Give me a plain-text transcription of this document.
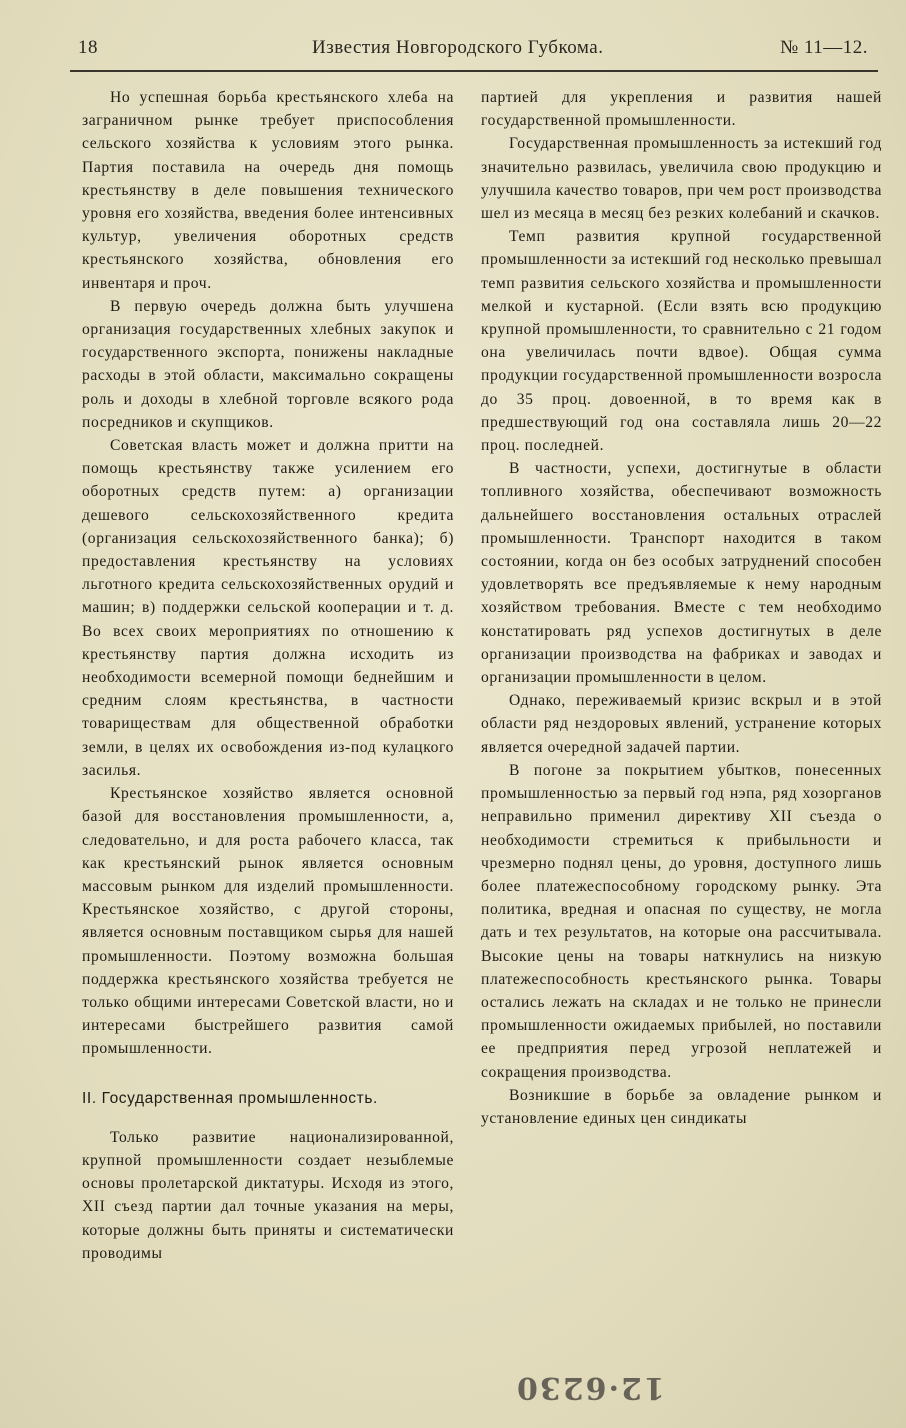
18	Известия Новгородского Губкома.	№ 11—12.

Но успешная борьба крестьянского хлеба на заграничном рынке требует приспособления сельского хозяйства к условиям этого рынка. Партия поставила на очередь дня помощь крестьянству в деле повышения технического уровня его хозяйства, введения более интенсивных культур, увеличения оборотных средств крестьянского хозяйства, обновления его инвентаря и проч.

В первую очередь должна быть улучшена организация государственных хлебных закупок и государственного экспорта, понижены накладные расходы в этой области, максимально сокращены роль и доходы в хлебной торговле всякого рода посредников и скупщиков.

Советская власть может и должна притти на помощь крестьянству также усилением его оборотных средств путем: а) организации дешевого сельскохозяйственного кредита (организация сельскохозяйственного банка); б) предоставления крестьянству на условиях льготного кредита сельскохозяйственных орудий и машин; в) поддержки сельской кооперации и т. д. Во всех своих мероприятиях по отношению к крестьянству партия должна исходить из необходимости всемерной помощи беднейшим и средним слоям крестьянства, в частности товариществам для общественной обработки земли, в целях их освобождения из-под кулацкого засилья.

Крестьянское хозяйство является основной базой для восстановления промышленности, а, следовательно, и для роста рабочего класса, так как крестьянский рынок является основным массовым рынком для изделий промышленности. Крестьянское хозяйство, с другой стороны, является основным поставщиком сырья для нашей промышленности. Поэтому возможна большая поддержка крестьянского хозяйства требуется не только общими интересами Советской власти, но и интересами быстрейшего развития самой промышленности.

II. Государственная промышленность.

Только развитие национализированной, крупной промышленности создает незыблемые основы пролетарской диктатуры. Исходя из этого, XII съезд партии дал точные указания на меры, которые должны быть приняты и систематически проводимы

партией для укрепления и развития нашей государственной промышленности.

Государственная промышленность за истекший год значительно развилась, увеличила свою продукцию и улучшила качество товаров, при чем рост производства шел из месяца в месяц без резких колебаний и скачков.

Темп развития крупной государственной промышленности за истекший год несколько превышал темп развития сельского хозяйства и промышленности мелкой и кустарной. (Если взять всю продукцию крупной промышленности, то сравнительно с 21 годом она увеличилась почти вдвое). Общая сумма продукции государственной промышленности возросла до 35 проц. довоенной, в то время как в предшествующий год она составляла лишь 20—22 проц. последней.

В частности, успехи, достигнутые в области топливного хозяйства, обеспечивают возможность дальнейшего восстановления остальных отраслей промышленности. Транспорт находится в таком состоянии, когда он без особых затруднений способен удовлетворять все предъявляемые к нему народным хозяйством требования. Вместе с тем необходимо констатировать ряд успехов достигнутых в деле организации производства на фабриках и заводах и организации промышленности в целом.

Однако, переживаемый кризис вскрыл и в этой области ряд нездоровых явлений, устранение которых является очередной задачей партии.

В погоне за покрытием убытков, понесенных промышленностью за первый год нэпа, ряд хозорганов неправильно применил директиву XII съезда о необходимости стремиться к прибыльности и чрезмерно поднял цены, до уровня, доступного лишь более платежеспособному городскому рынку. Эта политика, вредная и опасная по существу, не могла дать и тех результатов, на которые она рассчитывала. Высокие цены на товары наткнулись на низкую платежеспособность крестьянского рынка. Товары остались лежать на складах и не только не принесли промышленности ожидаемых прибылей, но поставили ее предприятия перед угрозой неплатежей и сокращения производства.

Возникшие в борьбе за овладение рынком и установление единых цен синдикаты

12·6230
